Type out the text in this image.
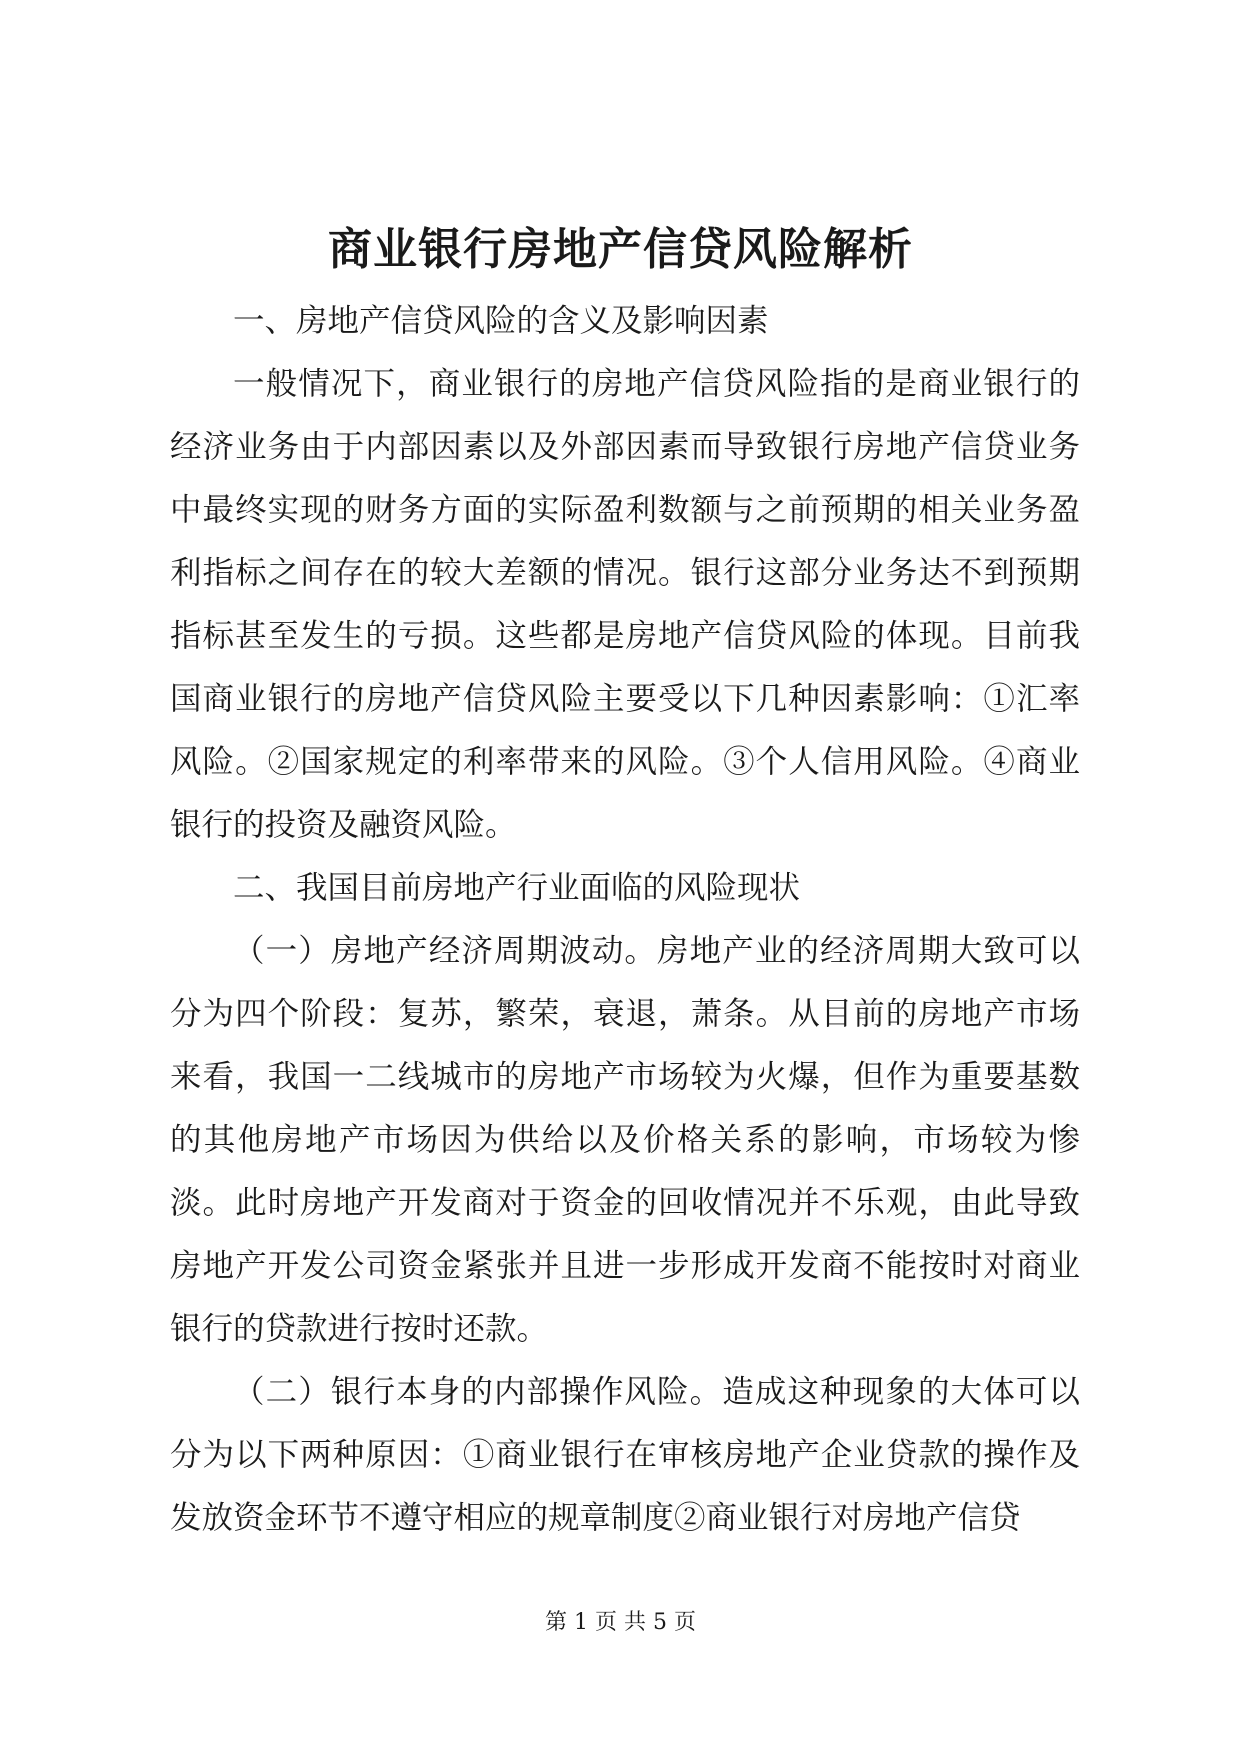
商业银行房地产信贷风险解析

一、房地产信贷风险的含义及影响因素

一般情况下，商业银行的房地产信贷风险指的是商业银行的经济业务由于内部因素以及外部因素而导致银行房地产信贷业务中最终实现的财务方面的实际盈利数额与之前预期的相关业务盈利指标之间存在的较大差额的情况。银行这部分业务达不到预期指标甚至发生的亏损。这些都是房地产信贷风险的体现。目前我国商业银行的房地产信贷风险主要受以下几种因素影响：①汇率风险。②国家规定的利率带来的风险。③个人信用风险。④商业银行的投资及融资风险。

二、我国目前房地产行业面临的风险现状

（一）房地产经济周期波动。房地产业的经济周期大致可以分为四个阶段：复苏，繁荣，衰退，萧条。从目前的房地产市场来看，我国一二线城市的房地产市场较为火爆，但作为重要基数的其他房地产市场因为供给以及价格关系的影响，市场较为惨淡。此时房地产开发商对于资金的回收情况并不乐观，由此导致房地产开发公司资金紧张并且进一步形成开发商不能按时对商业银行的贷款进行按时还款。

（二）银行本身的内部操作风险。造成这种现象的大体可以分为以下两种原因：①商业银行在审核房地产企业贷款的操作及发放资金环节不遵守相应的规章制度②商业银行对房地产信贷

第 1 页 共 5 页
